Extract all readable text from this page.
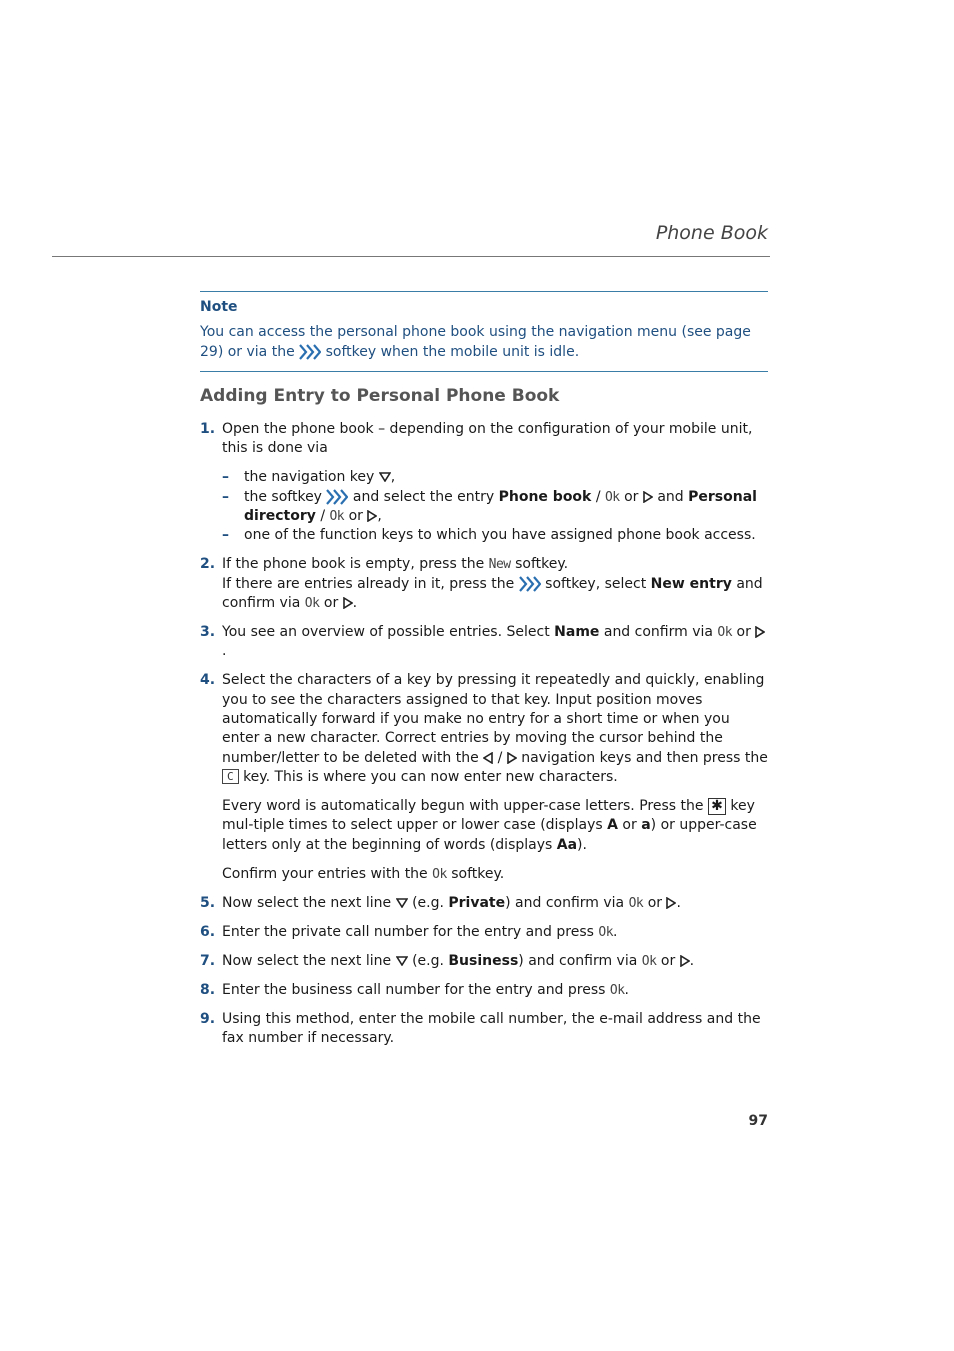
Phone Book
Note
You can access the personal phone book using the navigation menu (see page 29) or via the softkey when the mobile unit is idle.
Adding Entry to Personal Phone Book
1. Open the phone book – depending on the configuration of your mobile unit, this is done via
– the navigation key ,
– the softkey and select the entry Phone book / Ok or and Personal directory / Ok or ,
– one of the function keys to which you have assigned phone book access.
2. If the phone book is empty, press the New softkey.
If there are entries already in it, press the softkey, select New entry and confirm via Ok or .
3. You see an overview of possible entries. Select Name and confirm via Ok or .
4. Select the characters of a key by pressing it repeatedly and quickly, enabling you to see the characters assigned to that key. Input position moves automatically forward if you make no entry for a short time or when you enter a new character. Correct entries by moving the cursor behind the number/letter to be deleted with the / navigation keys and then press the C key. This is where you can now enter new characters.
Every word is automatically begun with upper-case letters. Press the ✱ key mul-tiple times to select upper or lower case (displays A or a) or upper-case letters only at the beginning of words (displays Aa).
Confirm your entries with the Ok softkey.
5. Now select the next line (e.g. Private) and confirm via Ok or .
6. Enter the private call number for the entry and press Ok.
7. Now select the next line (e.g. Business) and confirm via Ok or .
8. Enter the business call number for the entry and press Ok.
9. Using this method, enter the mobile call number, the e-mail address and the fax number if necessary.
97
